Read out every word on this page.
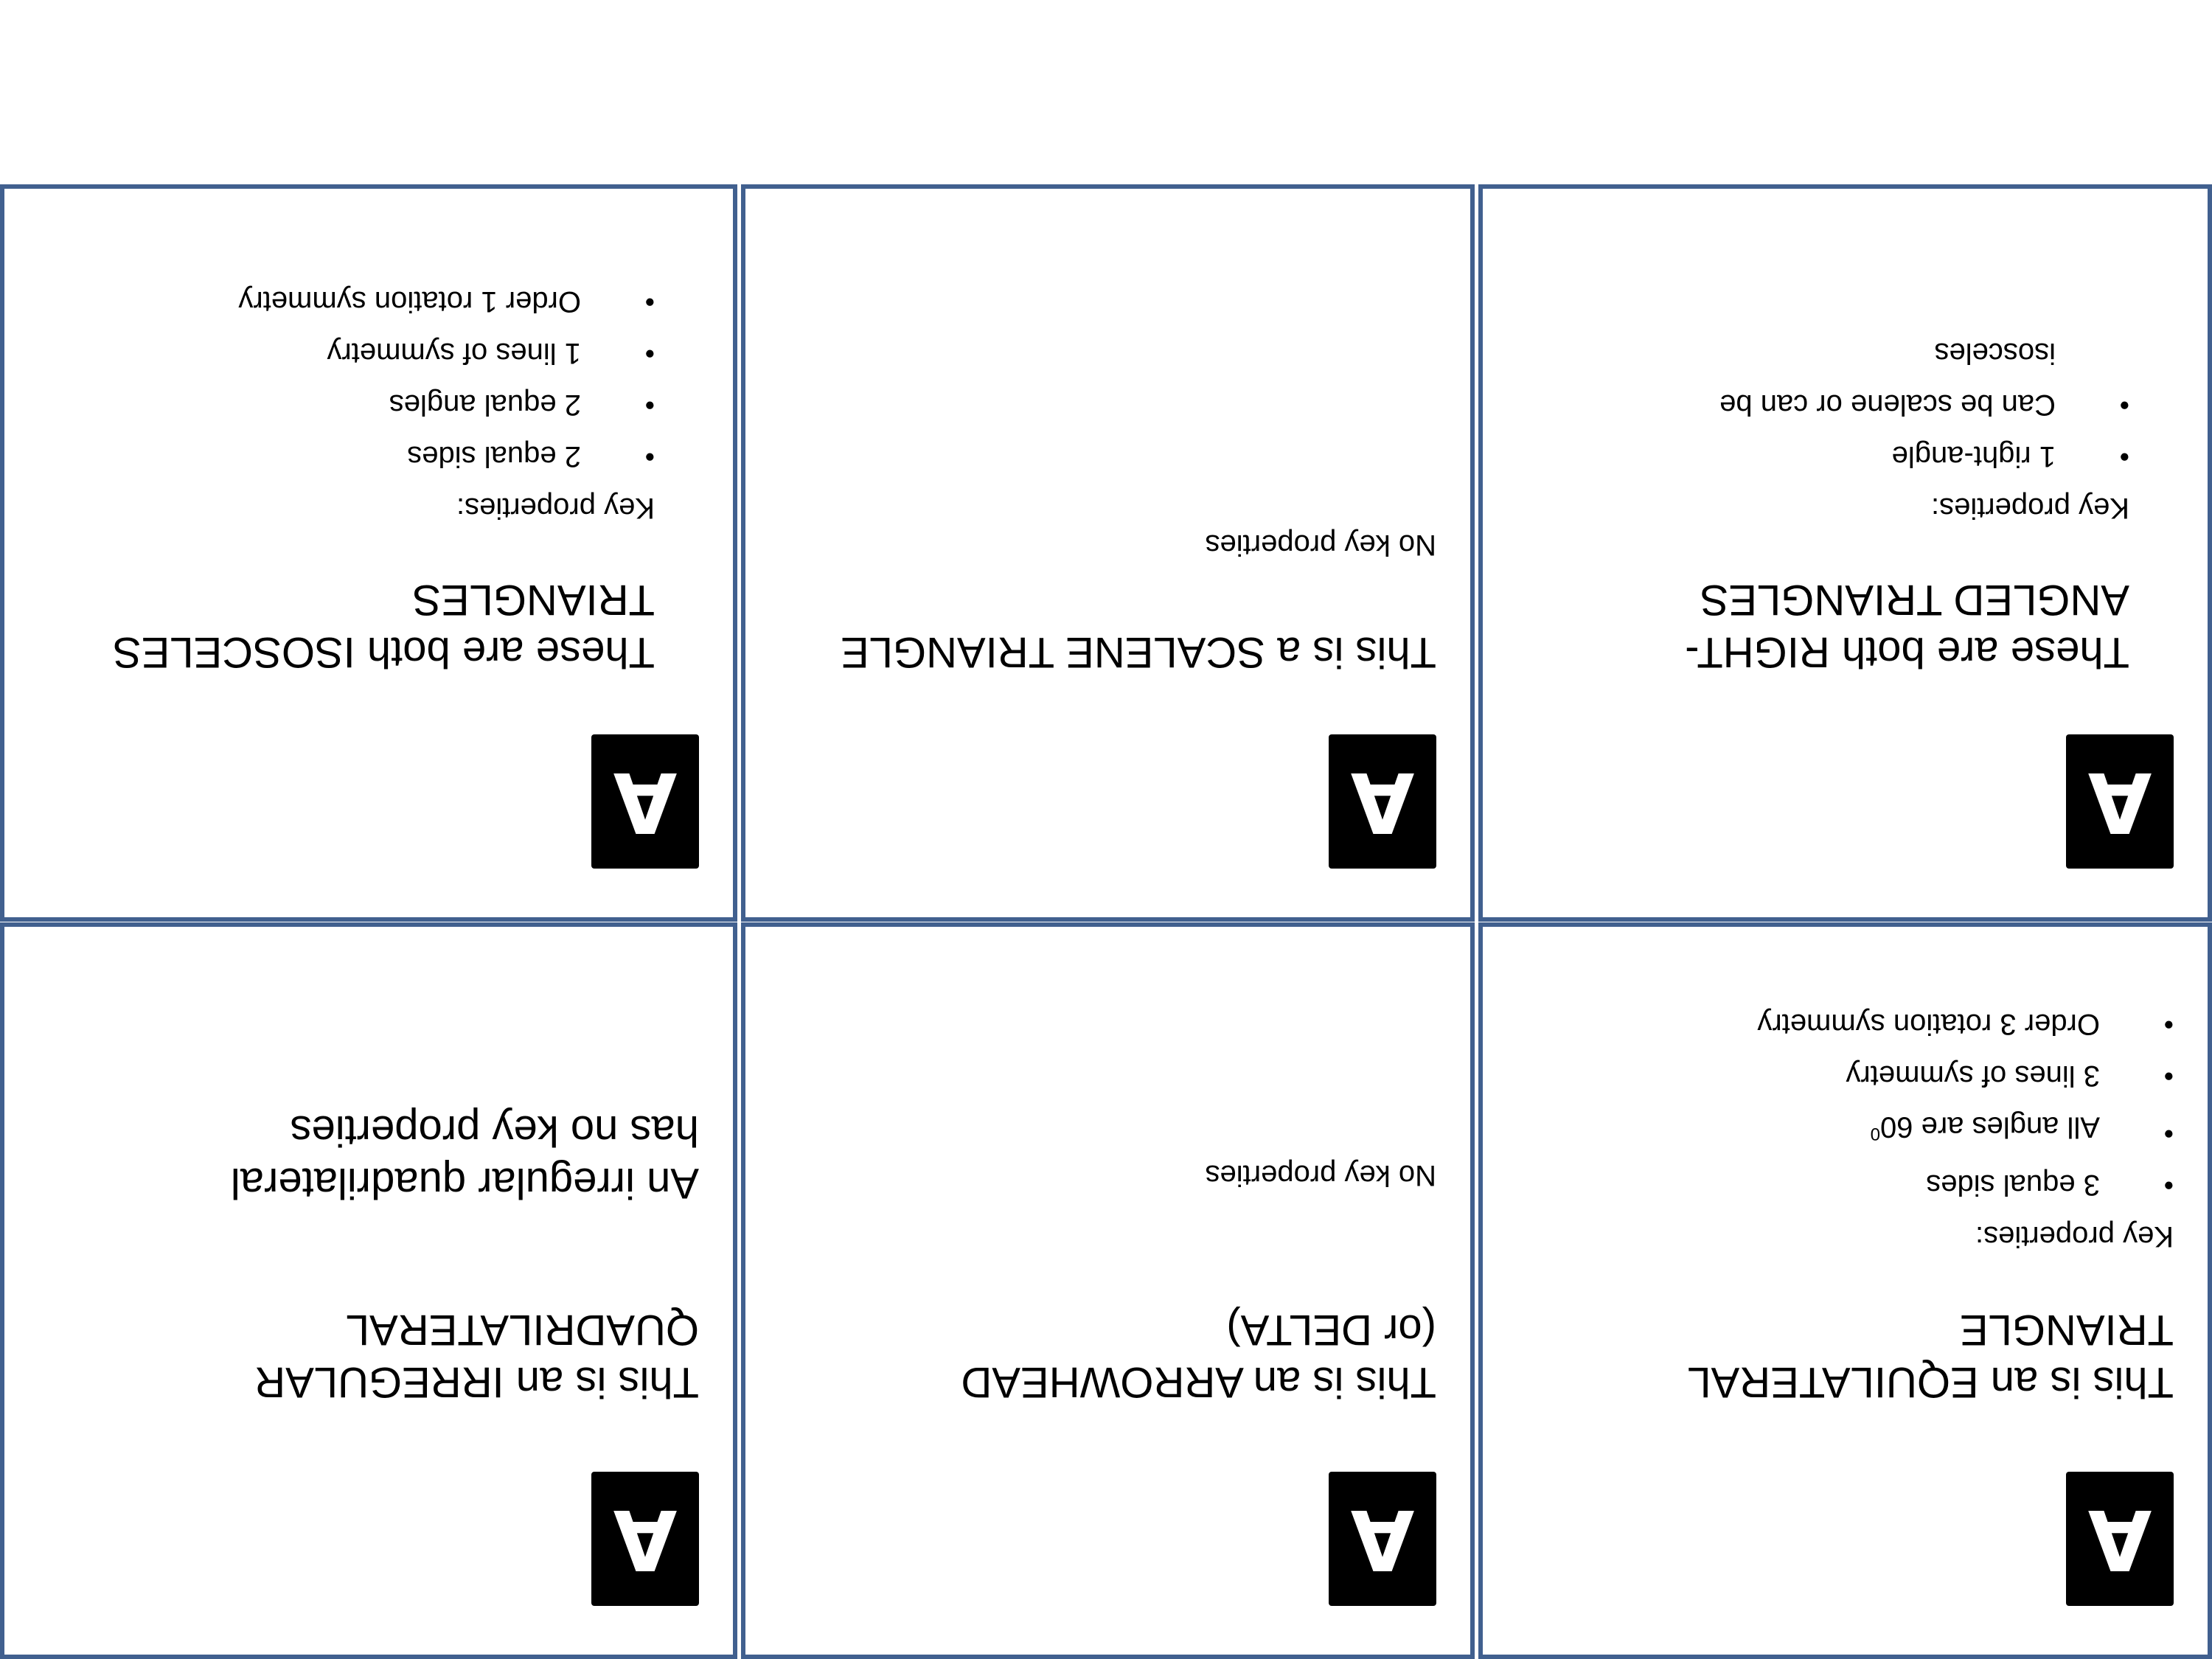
A
This is an EQUILATERAL
TRIANGLE
Key properties:
• 3 equal sides
• All angles are $60^0$
• 3 lines of symmetry
• Order 3 rotation symmetry
A
This is an ARROWHEAD
(or DELTA)
No key properties
A
This is an IRREGULAR
QUADRILATERAL
An irregular quadrilateral
has no key properties
A
These are both RIGHT-
ANGLED TRIANGLES
Key properties:
• 1 right-angle
• Can be scalene or can be
isosceles
A
This is a SCALENE TRIANGLE
No key properties
A
These are both ISOSCELES
TRIANGLES
Key properties:
• 2 equal sides
• 2 equal angles
• 1 lines of symmetry
• Order 1 rotation symmetry
